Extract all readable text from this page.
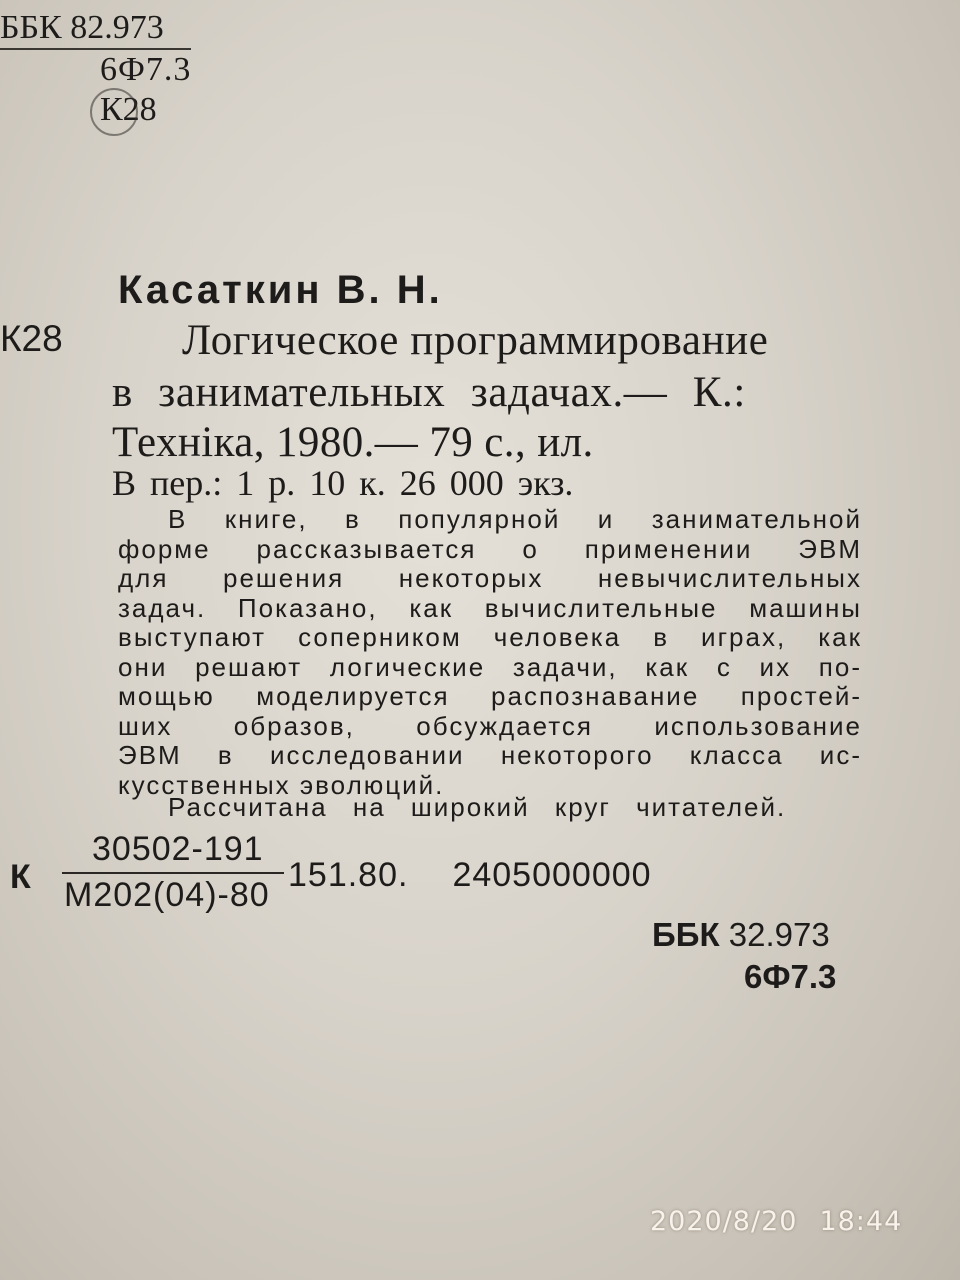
ББК 82.973
6Ф7.3
К28
Касаткин В. Н.
К28	Логическое программирование
в занимательных задачах.— К.:
Техніка, 1980.— 79 с., ил.
В пер.: 1 р. 10 к. 26 000 экз.
В книге, в популярной и занимательной
форме рассказывается о применении ЭВМ
для решения некоторых невычислительных
задач. Показано, как вычислительные машины
выступают соперником человека в играх, как
они решают логические задачи, как с их по-
мощью моделируется распознавание простей-
ших образов, обсуждается использование
ЭВМ в исследовании некоторого класса ис-
кусственных эволюций.
Рассчитана на широкий круг читателей.
К
30502-191
М202(04)-80
151.80. 2405000000
ББК 32.973
6Ф7.3
2020/8/20 18:44
